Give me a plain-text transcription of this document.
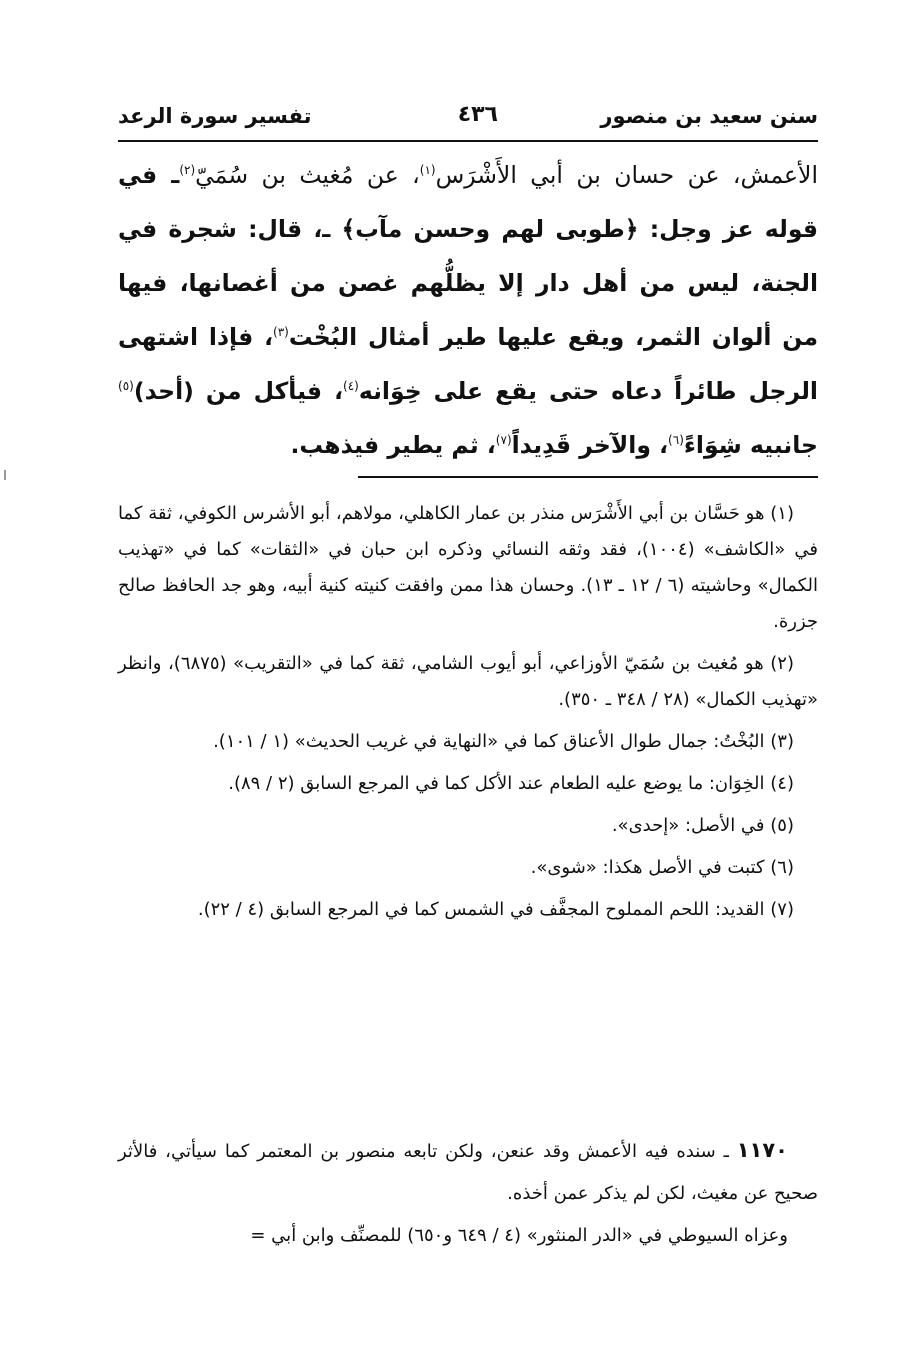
سنن سعيد بن منصور
٤٣٦
تفسير سورة الرعد

الأعمش، عن حسان بن أبي الأَشْرَس$^{(١)}$، عن مُغيث بن سُمَيّ$^{(٢)}$ـ في قوله عز وجل: ﴿طوبى لهم وحسن مآب﴾ ـ، قال: شجرة في الجنة، ليس من أهل دار إلا يظلُّهم غصن من أغصانها، فيها من ألوان الثمر، ويقع عليها طير أمثال البُخْت$^{(٣)}$، فإذا اشتهى الرجل طائراً دعاه حتى يقع على خِوَانه$^{(٤)}$، فيأكل من (أحد)$^{(٥)}$ جانبيه شِوَاءً$^{(٦)}$، والآخر قَدِيداً$^{(٧)}$، ثم يطير فيذهب.

(١) هو حَسَّان بن أبي الأَشْرَس منذر بن عمار الكاهلي، مولاهم، أبو الأشرس الكوفي، ثقة كما في «الكاشف» (١٠٠٤)، فقد وثقه النسائي وذكره ابن حبان في «الثقات» كما في «تهذيب الكمال» وحاشيته (٦ / ١٢ ـ ١٣). وحسان هذا ممن وافقت كنيته كنية أبيه، وهو جد الحافظ صالح جزرة.

(٢) هو مُغيث بن سُمَيّ الأوزاعي، أبو أيوب الشامي، ثقة كما في «التقريب» (٦٨٧٥)، وانظر «تهذيب الكمال» (٢٨ / ٣٤٨ ـ ٣٥٠).

(٣) البُخْتُ: جمال طوال الأعناق كما في «النهاية في غريب الحديث» (١ / ١٠١).

(٤) الخِوَان: ما يوضع عليه الطعام عند الأكل كما في المرجع السابق (٢ / ٨٩).

(٥) في الأصل: «إحدى».

(٦) كتبت في الأصل هكذا: «شوى».

(٧) القديد: اللحم المملوح المجفَّف في الشمس كما في المرجع السابق (٤ / ٢٢).

١١٧٠ ـ سنده فيه الأعمش وقد عنعن، ولكن تابعه منصور بن المعتمر كما سيأتي، فالأثر صحيح عن مغيث، لكن لم يذكر عمن أخذه.

وعزاه السيوطي في «الدر المنثور» (٤ / ٦٤٩ و٦٥٠) للمصنِّف وابن أبي =
